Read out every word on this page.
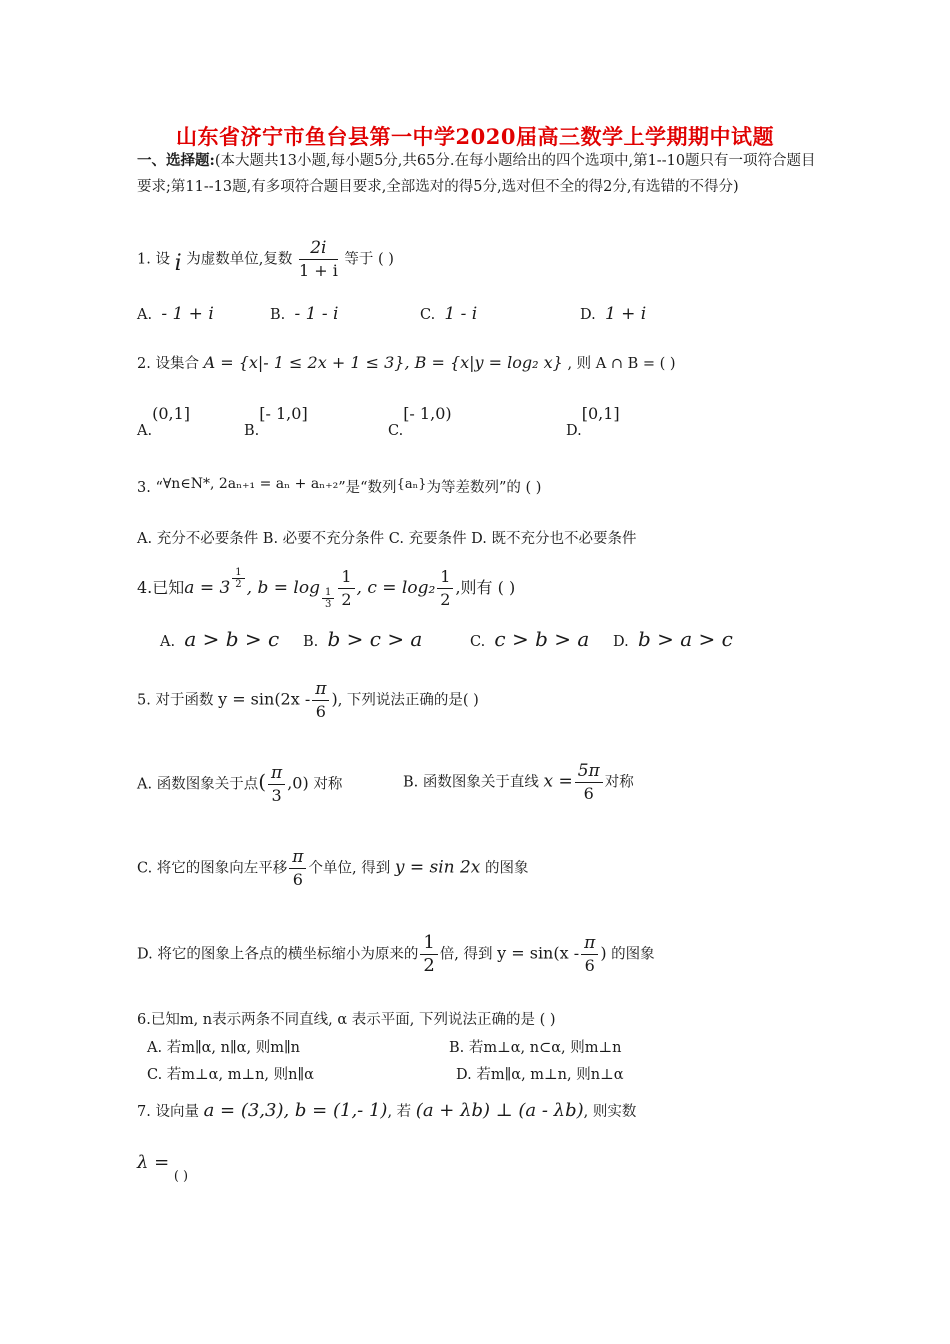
山东省济宁市鱼台县第一中学2020届高三数学上学期期中试题
一、选择题:(本大题共13小题,每小题5分,共65分.在每小题给出的四个选项中,第1--10题只有一项符合题目要求;第11--13题,有多项符合题目要求,全部选对的得5分,选对但不全的得2分,有选错的不得分)
1. 设 i 为虚数单位,复数 $\frac{2i}{1 + i}$ 等于 ( )
A. - 1 + i	B. - 1 - i	C. 1 - i	D. 1 + i
2. 设集合 A = {x|- 1 ≤ 2x + 1 ≤ 3}, B = {x|y = log₂ x} , 则 A ∩ B = ( )
A.(0,1]
B.[- 1,0]
C.[- 1,0)
D.[0,1]
3. “∀n∈N*, 2aₙ₊₁ = aₙ + aₙ₊₂”是“数列{aₙ}为等差数列”的 ( )
A. 充分不必要条件 B. 必要不充分条件 C. 充要条件 D. 既不充分也不必要条件
4.已知$a = 3 \frac{1}{2}$ , $b = \log \frac{1}{3} \frac{1}{2}$ , $c = \log_2 \frac{1}{2}$ ,则有 ( )
A. a > b > c B. b > c > a	C. c > b > a D. b > a > c
5. 对于函数 $y = \sin(2x - \frac{\pi}{6}$ ), 下列说法正确的是( )
A. 函数图象关于点( $\frac{\pi}{3} ,0$) 对称	B. 函数图象关于直线 $x = \frac{5\pi}{6}$ 对称
C. 将它的图象向左平移 $\frac{\pi}{6}$ 个单位, 得到 y = sin 2x 的图象
D. 将它的图象上各点的横坐标缩小为原来的 $\frac{1}{2}$ 倍, 得到 $y = \sin(x - \frac{\pi}{6}$ ) 的图象
6.已知m, n表示两条不同直线, α 表示平面, 下列说法正确的是 ( )
A. 若m∥α, n∥α, 则m∥n	B. 若m⊥α, n⊂α, 则m⊥n
C. 若m⊥α, m⊥n, 则n∥α	D. 若m∥α, m⊥n, 则n⊥α
7. 设向量 a = (3,3), b = (1,- 1), 若 (a + λb) ⊥ (a - λb), 则实数
λ = ( )
